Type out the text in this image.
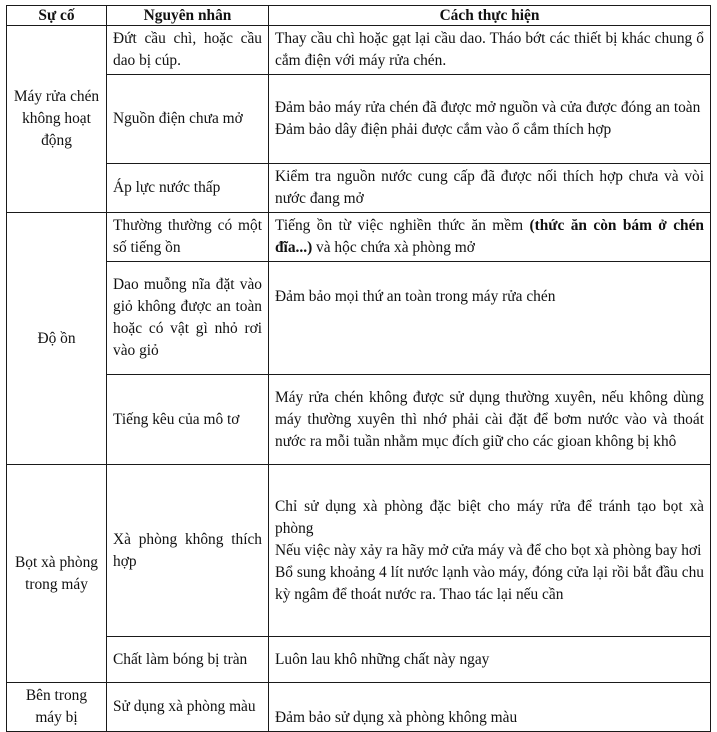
Sự cố	Nguyên nhân	Cách thực hiện
Máy rửa chén không hoạt động	Đứt cầu chì, hoặc cầu dao bị cúp.	Thay cầu chì hoặc gạt lại cầu dao. Tháo bớt các thiết bị khác chung ổ cắm điện với máy rửa chén.

	Nguồn điện chưa mở	Đảm bảo máy rửa chén đã được mở nguồn và cửa được đóng an toàn
Đảm bảo dây điện phải được cắm vào ổ cắm thích hợp

	Áp lực nước thấp	Kiểm tra nguồn nước cung cấp đã được nối thích hợp chưa và vòi nước đang mở

Độ ồn	Thường thường có một số tiếng ồn	Tiếng ồn từ việc nghiền thức ăn mềm (thức ăn còn bám ở chén đĩa...) và hộc chứa xà phòng mở
	Dao muỗng nĩa đặt vào giỏ không được an toàn hoặc có vật gì nhỏ rơi vào giỏ	Đảm bảo mọi thứ an toàn trong máy rửa chén

	Tiếng kêu của mô tơ	Máy rửa chén không được sử dụng thường xuyên, nếu không dùng máy thường xuyên thì nhớ phải cài đặt để bơm nước vào và thoát nước ra mỗi tuần nhằm mục đích giữ cho các gioan không bị khô

Bọt xà phòng trong máy	Xà phòng không thích hợp	Chỉ sử dụng xà phòng đặc biệt cho máy rửa để tránh tạo bọt xà phòng
Nếu việc này xảy ra hãy mở cửa máy và để cho bọt xà phòng bay hơi
Bổ sung khoảng 4 lít nước lạnh vào máy, đóng cửa lại rồi bắt đầu chu kỳ ngâm để thoát nước ra. Thao tác lại nếu cần

	Chất làm bóng bị tràn	Luôn lau khô những chất này ngay

Bên trong máy bị	Sử dụng xà phòng màu	Đảm bảo sử dụng xà phòng không màu
